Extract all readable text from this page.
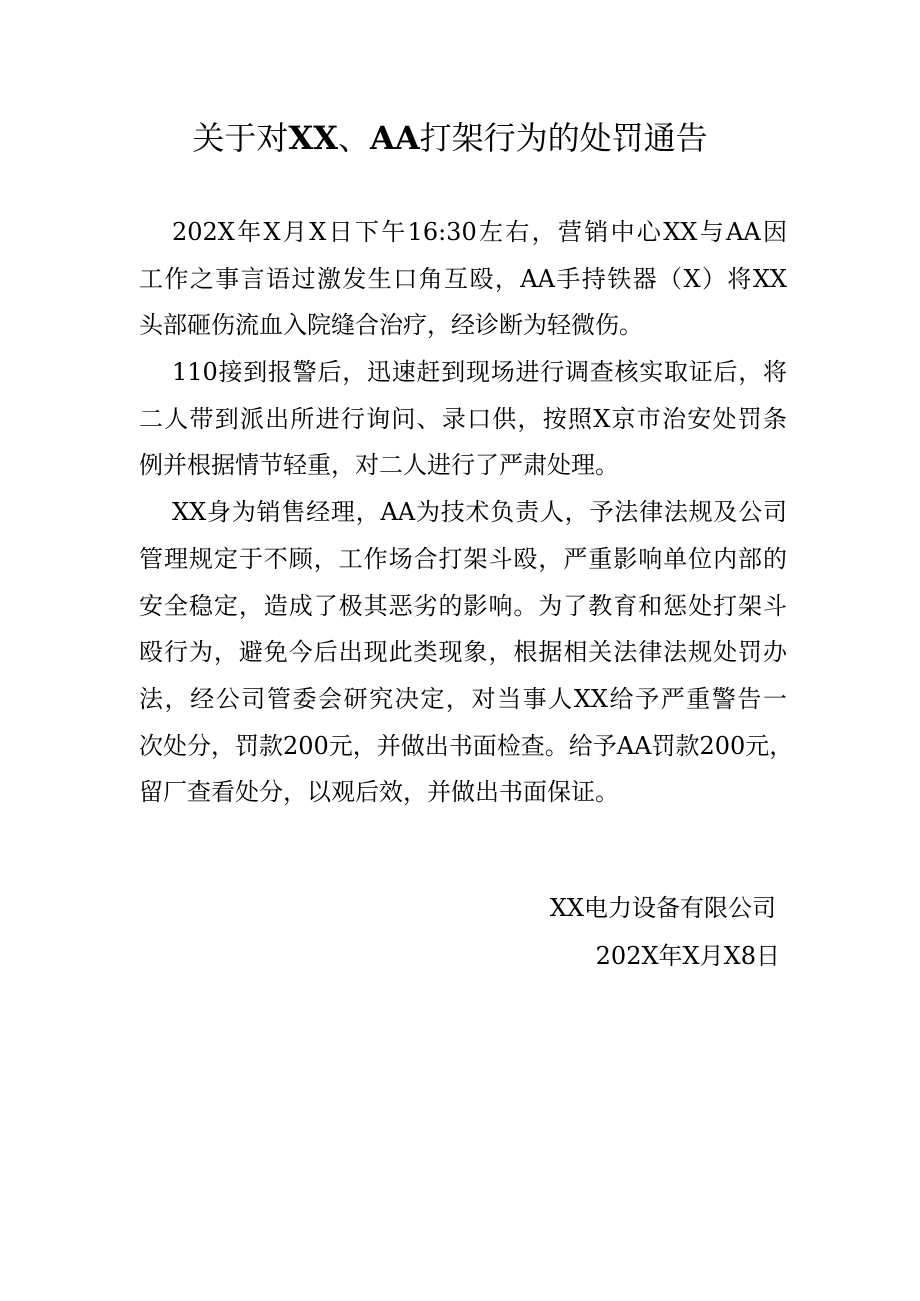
关于对XX、AA打架行为的处罚通告
202X年X月X日下午16:30左右，营销中心XX与AA因
工作之事言语过激发生口角互殴，AA手持铁器（X）将XX
头部砸伤流血入院缝合治疗，经诊断为轻微伤。
110接到报警后，迅速赶到现场进行调查核实取证后，将
二人带到派出所进行询问、录口供，按照X京市治安处罚条
例并根据情节轻重，对二人进行了严肃处理。
XX身为销售经理，AA为技术负责人，予法律法规及公司
管理规定于不顾，工作场合打架斗殴，严重影响单位内部的
安全稳定，造成了极其恶劣的影响。为了教育和惩处打架斗
殴行为，避免今后出现此类现象，根据相关法律法规处罚办
法，经公司管委会研究决定，对当事人XX给予严重警告一
次处分，罚款200元，并做出书面检查。给予AA罚款200元，
留厂查看处分，以观后效，并做出书面保证。
XX电力设备有限公司
202X年X月X8日
